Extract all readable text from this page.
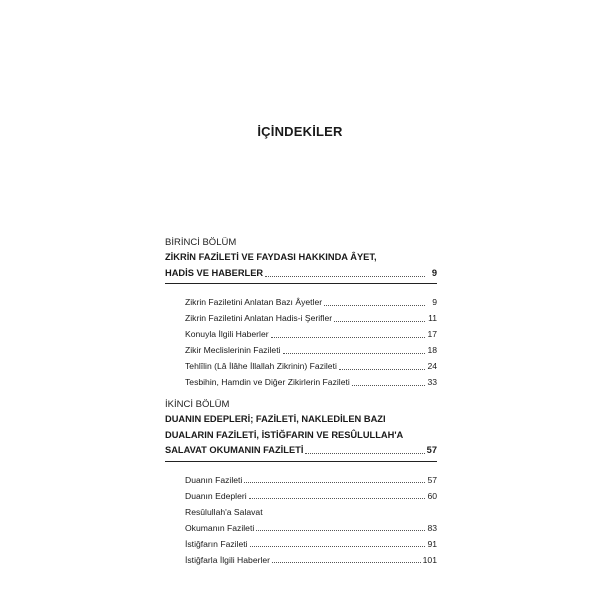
İÇİNDEKİLER
BİRİNCİ BÖLÜM
ZİKRİN FAZİLETİ VE FAYDASI HAKKINDA ÂYET,
HADİS VE HABERLER	9
Zikrin Faziletini Anlatan Bazı Âyetler	9
Zikrin Faziletini Anlatan Hadis-i Şerifler	11
Konuyla İlgili Haberler	17
Zikir Meclislerinin Fazileti	18
Tehlîlin (Lâ İlâhe İllallah Zikrinin) Fazileti	24
Tesbihin, Hamdin ve Diğer Zikirlerin Fazileti	33
İKİNCİ BÖLÜM
DUANIN EDEPLERİ; FAZİLETİ, NAKLEDİLEN BAZI
DUALARIN FAZİLETİ, İSTİĞFARIN VE RESÛLULLAH'A
SALAVAT OKUMANIN FAZİLETİ	57
Duanın Fazileti	57
Duanın Edepleri	60
Resûlullah'a Salavat
Okumanın Fazileti	83
İstiğfarın Fazileti	91
İstiğfarla İlgili Haberler	101
